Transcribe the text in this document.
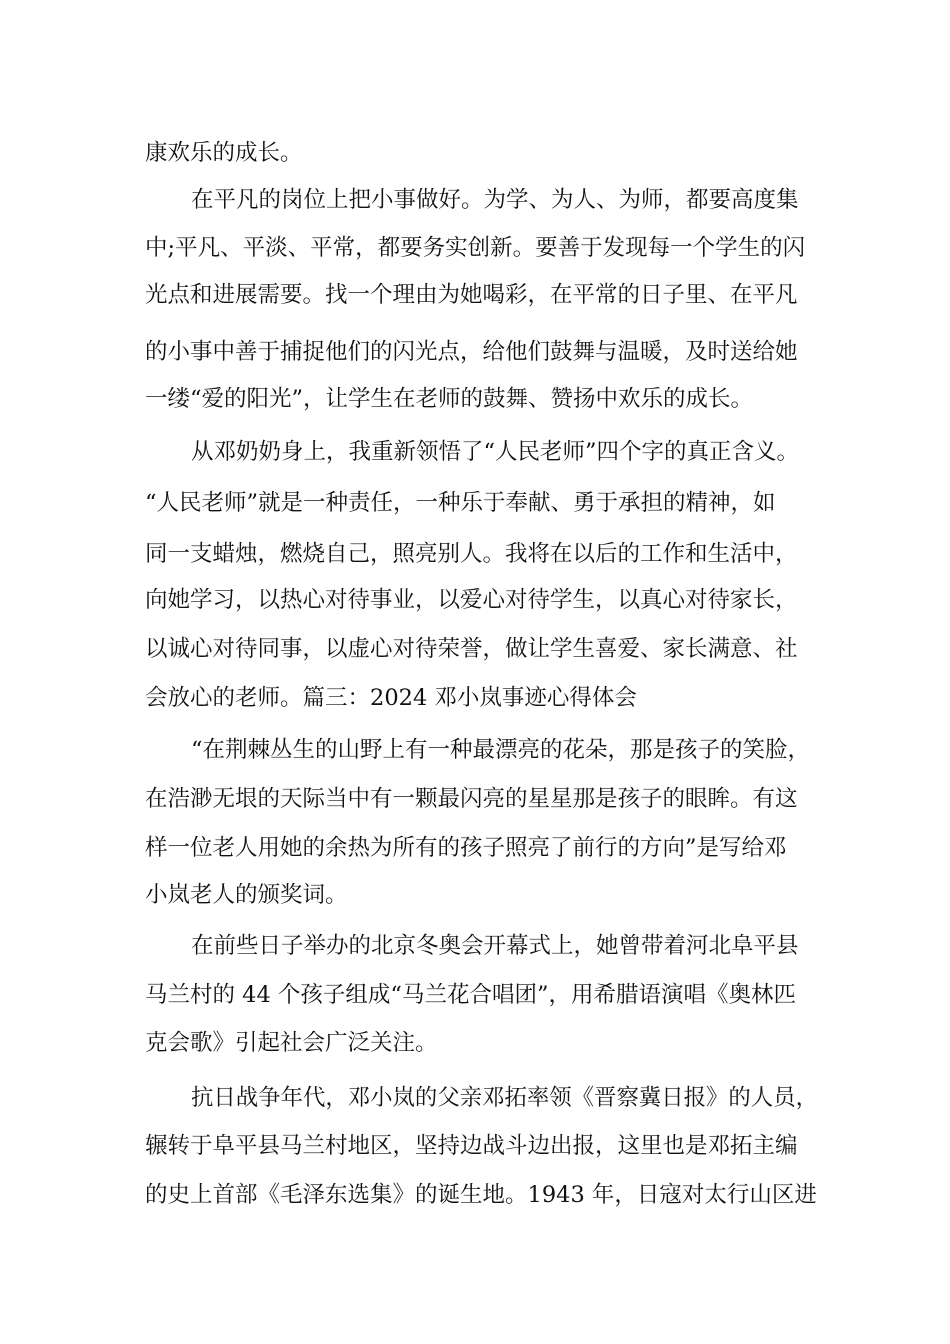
康欢乐的成长。
在平凡的岗位上把小事做好。为学、为人、为师，都要高度集
中;平凡、平淡、平常，都要务实创新。要善于发现每一个学生的闪
光点和进展需要。找一个理由为她喝彩，在平常的日子里、在平凡
的小事中善于捕捉他们的闪光点，给他们鼓舞与温暖，及时送给她
一缕“爱的阳光”，让学生在老师的鼓舞、赞扬中欢乐的成长。
从邓奶奶身上，我重新领悟了“人民老师”四个字的真正含义。
“人民老师”就是一种责任，一种乐于奉献、勇于承担的精神，如
同一支蜡烛，燃烧自己，照亮别人。我将在以后的工作和生活中，
向她学习，以热心对待事业，以爱心对待学生，以真心对待家长，
以诚心对待同事，以虚心对待荣誉，做让学生喜爱、家长满意、社
会放心的老师。篇三：2024 邓小岚事迹心得体会
“在荆棘丛生的山野上有一种最漂亮的花朵，那是孩子的笑脸，
在浩渺无垠的天际当中有一颗最闪亮的星星那是孩子的眼眸。有这
样一位老人用她的余热为所有的孩子照亮了前行的方向”是写给邓
小岚老人的颁奖词。
在前些日子举办的北京冬奥会开幕式上，她曾带着河北阜平县
马兰村的 44 个孩子组成“马兰花合唱团”，用希腊语演唱《奥林匹
克会歌》引起社会广泛关注。
抗日战争年代，邓小岚的父亲邓拓率领《晋察冀日报》的人员，
辗转于阜平县马兰村地区，坚持边战斗边出报，这里也是邓拓主编
的史上首部《毛泽东选集》的诞生地。1943 年，日寇对太行山区进
